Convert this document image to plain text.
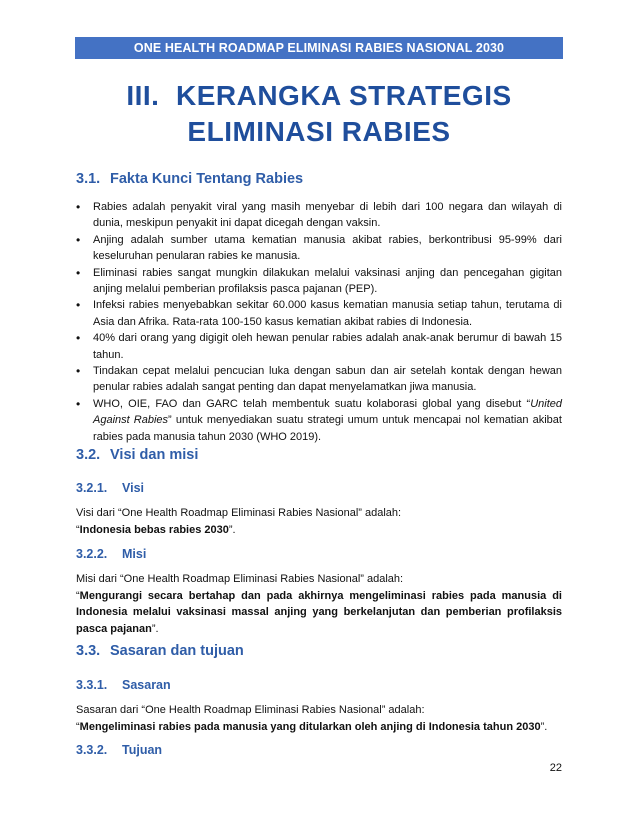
ONE HEALTH ROADMAP ELIMINASI RABIES NASIONAL 2030
III.  KERANGKA STRATEGIS
ELIMINASI RABIES
3.1. Fakta Kunci Tentang Rabies
• Rabies adalah penyakit viral yang masih menyebar di lebih dari 100 negara dan wilayah di dunia, meskipun penyakit ini dapat dicegah dengan vaksin.
• Anjing adalah sumber utama kematian manusia akibat rabies, berkontribusi 95-99% dari keseluruhan penularan rabies ke manusia.
• Eliminasi rabies sangat mungkin dilakukan melalui vaksinasi anjing dan pencegahan gigitan anjing melalui pemberian profilaksis pasca pajanan (PEP).
• Infeksi rabies menyebabkan sekitar 60.000 kasus kematian manusia setiap tahun, terutama di Asia dan Afrika. Rata-rata 100-150 kasus kematian akibat rabies di Indonesia.
• 40% dari orang yang digigit oleh hewan penular rabies adalah anak-anak berumur di bawah 15 tahun.
• Tindakan cepat melalui pencucian luka dengan sabun dan air setelah kontak dengan hewan penular rabies adalah sangat penting dan dapat menyelamatkan jiwa manusia.
• WHO, OIE, FAO dan GARC telah membentuk suatu kolaborasi global yang disebut “United Against Rabies” untuk menyediakan suatu strategi umum untuk mencapai nol kematian akibat rabies pada manusia tahun 2030 (WHO 2019).
3.2. Visi dan misi
3.2.1. Visi
Visi dari “One Health Roadmap Eliminasi Rabies Nasional” adalah:
“Indonesia bebas rabies 2030”.
3.2.2. Misi
Misi dari “One Health Roadmap Eliminasi Rabies Nasional” adalah:
“Mengurangi secara bertahap dan pada akhirnya mengeliminasi rabies pada manusia di Indonesia melalui vaksinasi massal anjing yang berkelanjutan dan pemberian profilaksis pasca pajanan”.
3.3. Sasaran dan tujuan
3.3.1. Sasaran
Sasaran dari “One Health Roadmap Eliminasi Rabies Nasional” adalah:
“Mengeliminasi rabies pada manusia yang ditularkan oleh anjing di Indonesia tahun 2030”.
3.3.2. Tujuan
22
